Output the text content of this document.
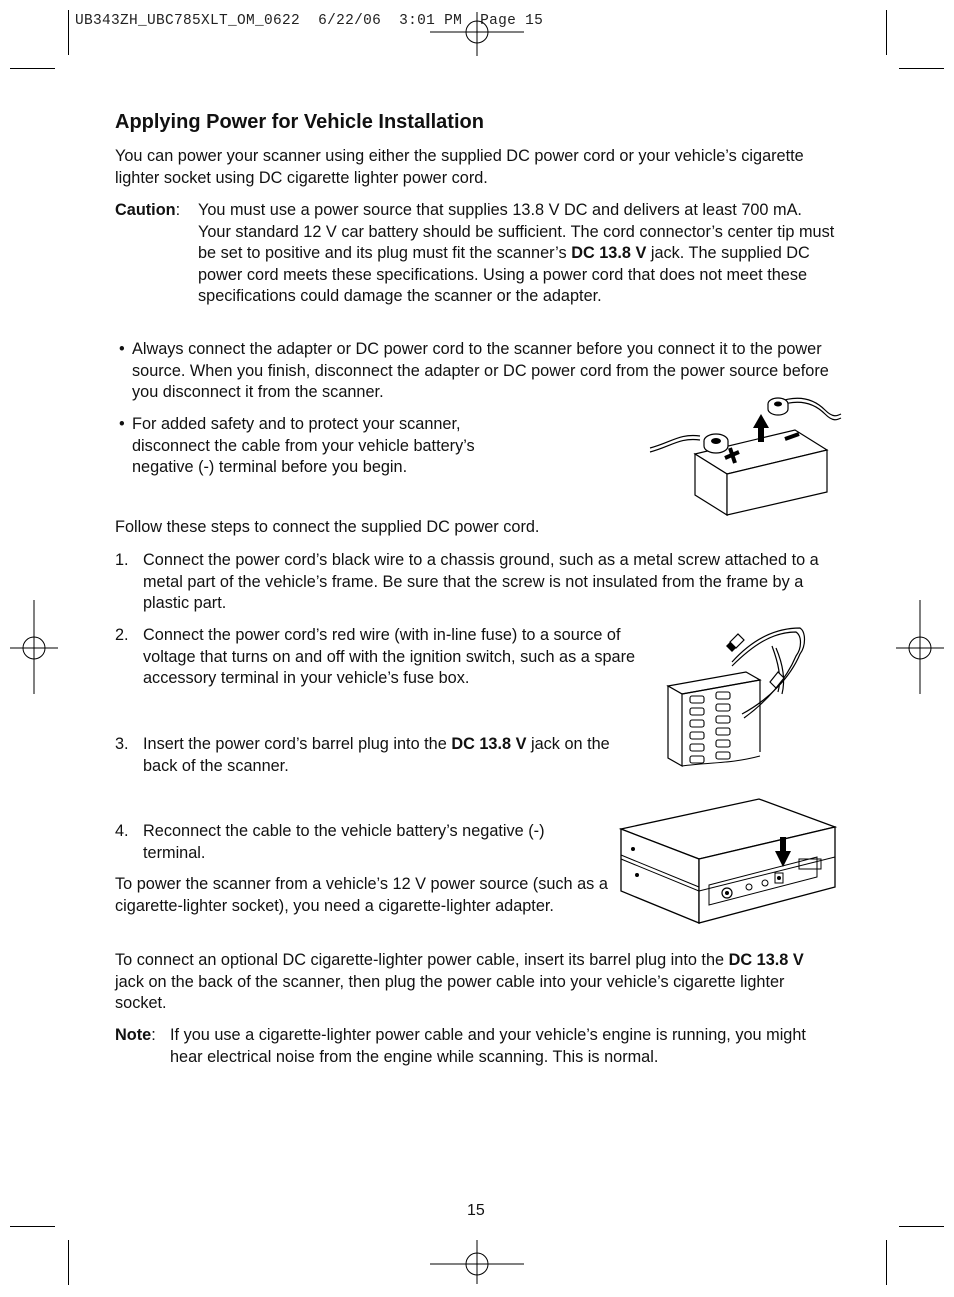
UB343ZH_UBC785XLT_OM_0622 6/22/06 3:01 PM Page 15
Applying Power for Vehicle Installation

You can power your scanner using either the supplied DC power cord or your vehicle’s cigarette lighter socket using DC cigarette lighter power cord.

Caution: You must use a power source that supplies 13.8 V DC and delivers at least 700 mA. Your standard 12 V car battery should be sufficient. The cord connector’s center tip must be set to positive and its plug must fit the scanner’s DC 13.8 V jack. The supplied DC power cord meets these specifications. Using a power cord that does not meet these specifications could damage the scanner or the adapter.

• Always connect the adapter or DC power cord to the scanner before you connect it to the power source. When you finish, disconnect the adapter or DC power cord from the power source before you disconnect it from the scanner.

• For added safety and to protect your scanner, disconnect the cable from your vehicle battery’s negative (-) terminal before you begin.

Follow these steps to connect the supplied DC power cord.

1. Connect the power cord’s black wire to a chassis ground, such as a metal screw attached to a metal part of the vehicle’s frame. Be sure that the screw is not insulated from the frame by a plastic part.

2. Connect the power cord’s red wire (with in-line fuse) to a source of voltage that turns on and off with the ignition switch, such as a spare accessory terminal in your vehicle’s fuse box.

3. Insert the power cord’s barrel plug into the DC 13.8 V jack on the back of the scanner.

4. Reconnect the cable to the vehicle battery’s negative (-) terminal.

To power the scanner from a vehicle’s 12 V power source (such as a cigarette-lighter socket), you need a cigarette-lighter adapter.

To connect an optional DC cigarette-lighter power cable, insert its barrel plug into the DC 13.8 V jack on the back of the scanner, then plug the power cable into your vehicle’s cigarette lighter socket.

Note: If you use a cigarette-lighter power cable and your vehicle’s engine is running, you might hear electrical noise from the engine while scanning. This is normal.

15
